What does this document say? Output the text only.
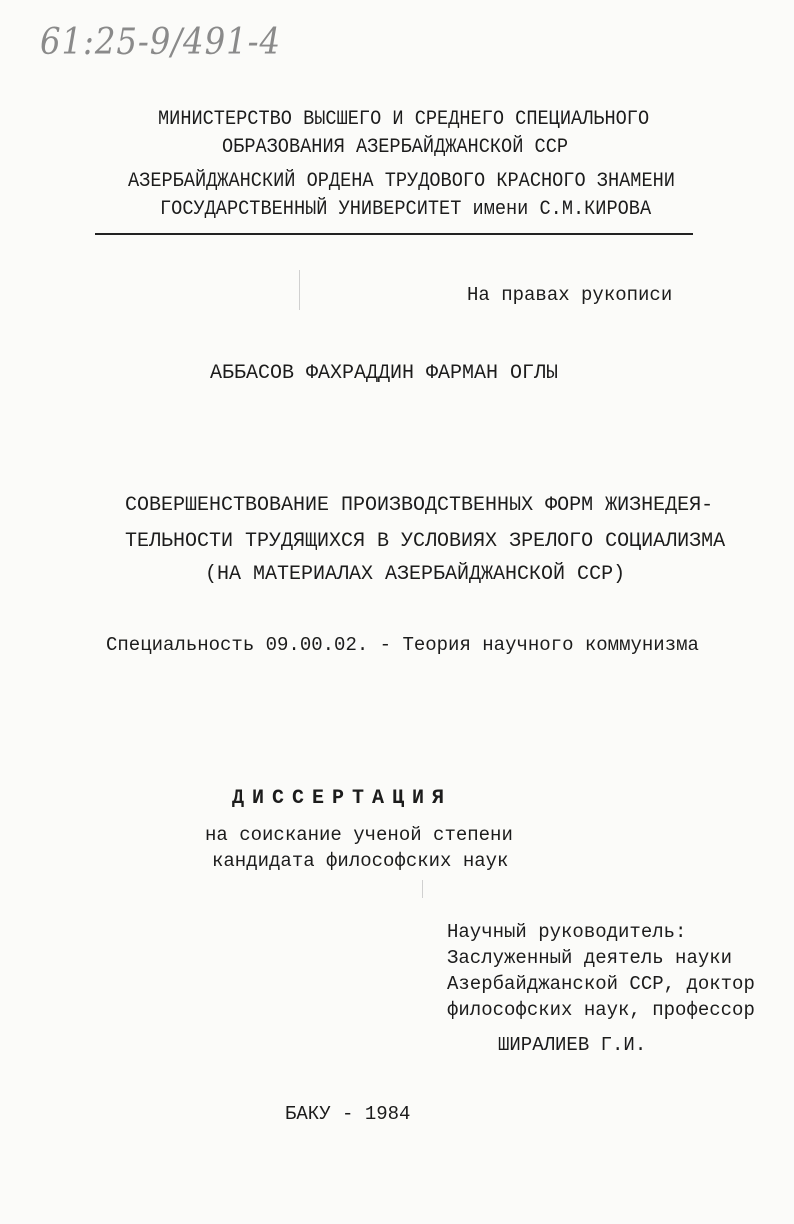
61:25-9/491-4
МИНИСТЕРСТВО ВЫСШЕГО И СРЕДНЕГО СПЕЦИАЛЬНОГО
ОБРАЗОВАНИЯ АЗЕРБАЙДЖАНСКОЙ ССР
АЗЕРБАЙДЖАНСКИЙ ОРДЕНА ТРУДОВОГО КРАСНОГО ЗНАМЕНИ
ГОСУДАРСТВЕННЫЙ УНИВЕРСИТЕТ имени С.М.КИРОВА
На правах рукописи
АББАСОВ ФАХРАДДИН ФАРМАН ОГЛЫ
СОВЕРШЕНСТВОВАНИЕ ПРОИЗВОДСТВЕННЫХ ФОРМ ЖИЗНЕДЕЯ-
ТЕЛЬНОСТИ ТРУДЯЩИХСЯ В УСЛОВИЯХ ЗРЕЛОГО СОЦИАЛИЗМА
(НА МАТЕРИАЛАХ АЗЕРБАЙДЖАНСКОЙ ССР)
Специальность 09.00.02. - Теория научного коммунизма
ДИССЕРТАЦИЯ
на соискание ученой степени
кандидата философских наук
Научный руководитель:
Заслуженный деятель науки
Азербайджанской ССР, доктор
философских наук, профессор
ШИРАЛИЕВ Г.И.
БАКУ - 1984
